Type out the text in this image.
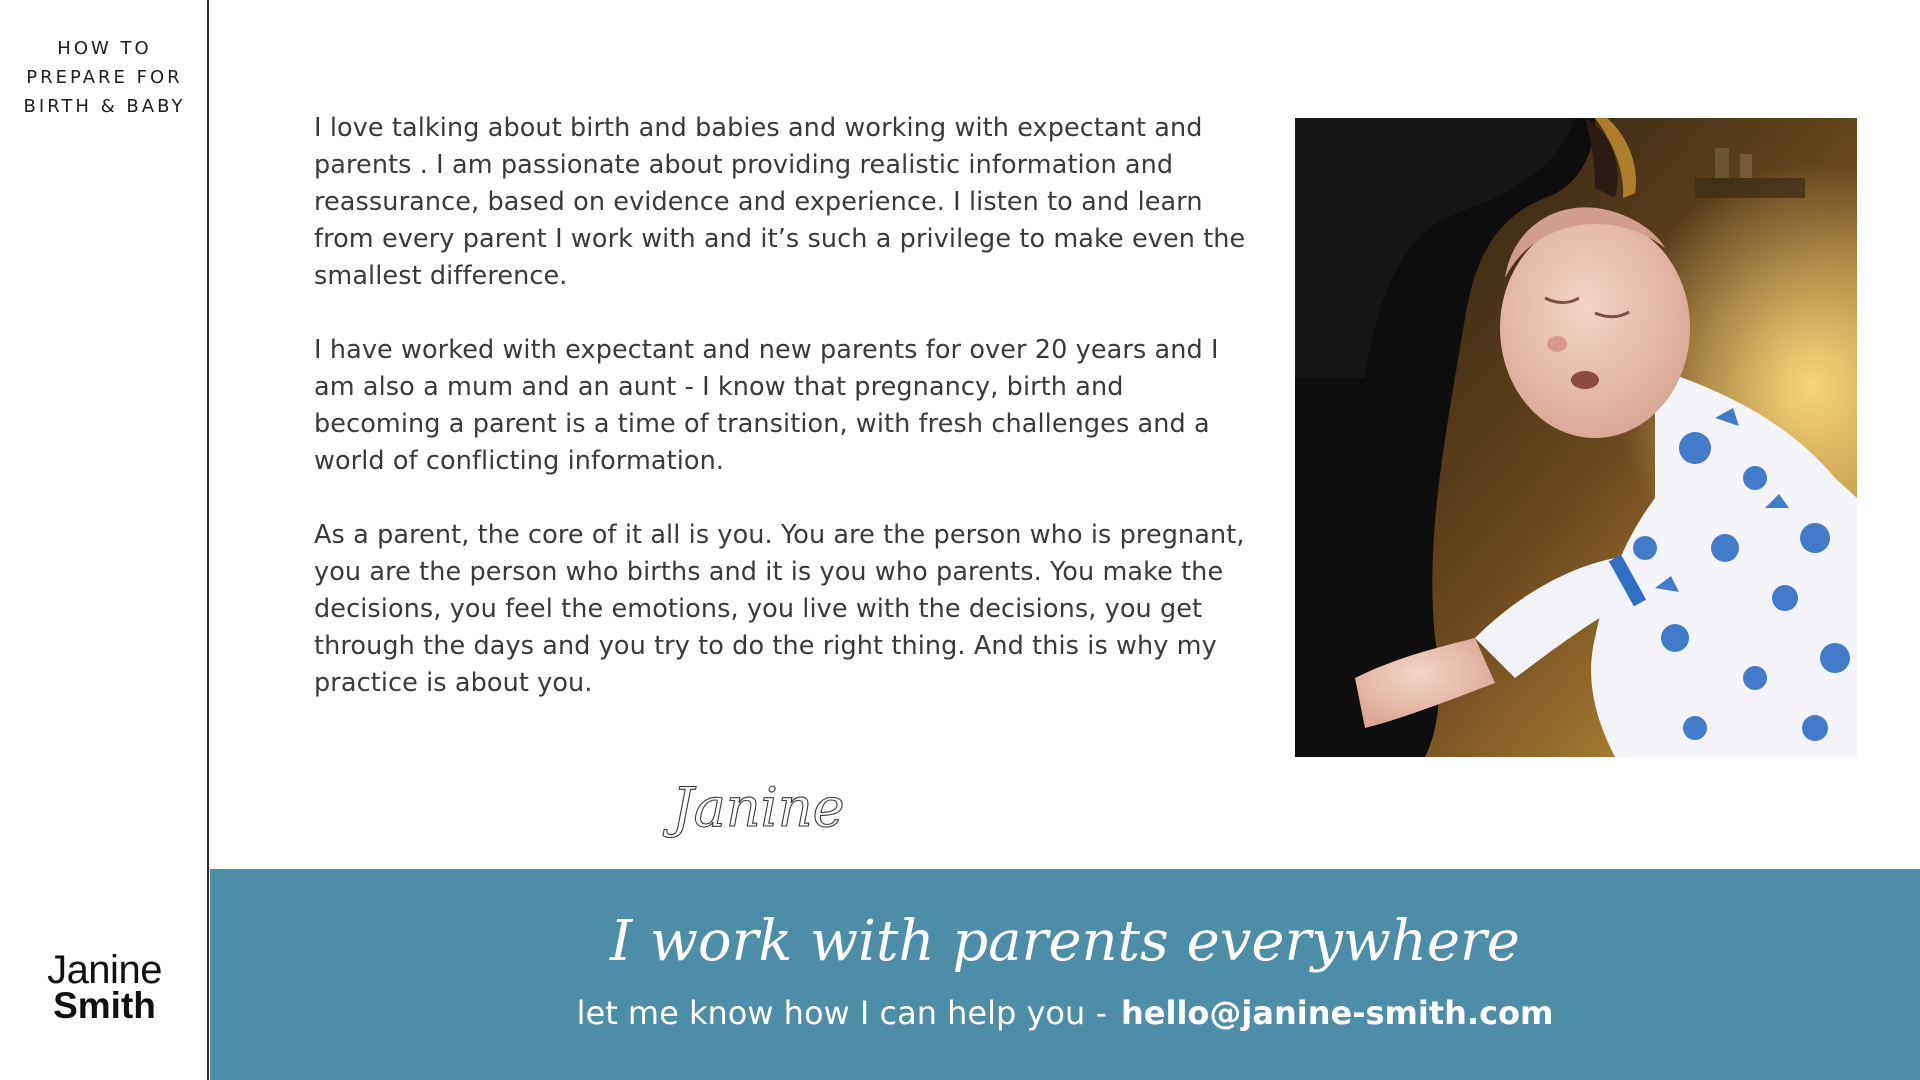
HOW TO
PREPARE FOR
BIRTH & BABY
Janine
Smith

I love talking about birth and babies and working with expectant and parents . I am passionate about providing realistic information and reassurance, based on evidence and experience. I listen to and learn from every parent I work with and it’s such a privilege to make even the smallest difference.

I have worked with expectant and new parents for over 20 years and I am also a mum and an aunt - I know that pregnancy, birth and becoming a parent is a time of transition, with fresh challenges and a world of conflicting information.

As a parent, the core of it all is you. You are the person who is pregnant, you are the person who births and it is you who parents. You make the decisions, you feel the emotions, you live with the decisions, you get through the days and you try to do the right thing. And this is why my practice is about you.

Janine
I work with parents everywhere
let me know how I can help you - hello@janine-smith.com
